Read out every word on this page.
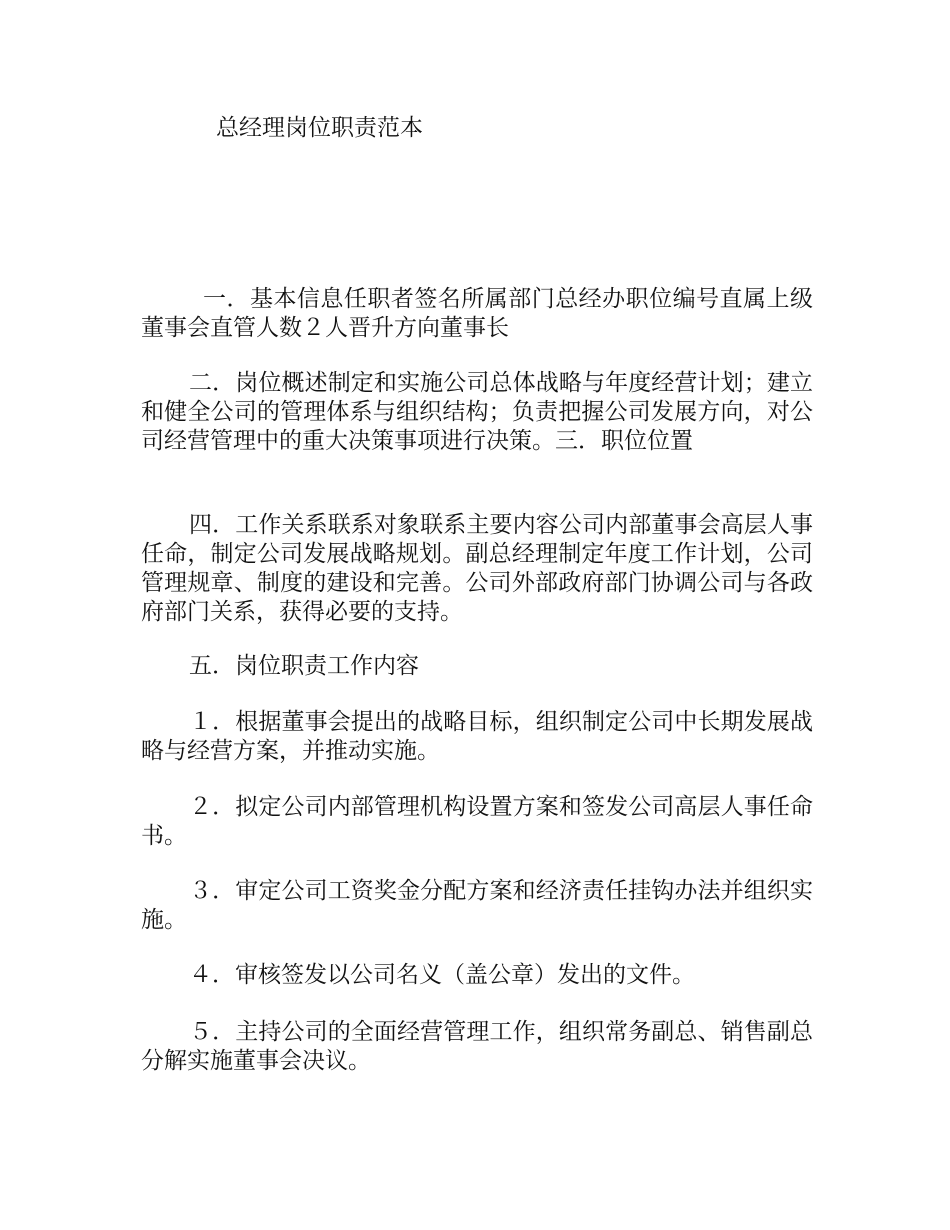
总经理岗位职责范本

一．基本信息任职者签名所属部门总经办职位编号直属上级董事会直管人数２人晋升方向董事长

二．岗位概述制定和实施公司总体战略与年度经营计划；建立和健全公司的管理体系与组织结构；负责把握公司发展方向，对公司经营管理中的重大决策事项进行决策。三．职位位置

四．工作关系联系对象联系主要内容公司内部董事会高层人事任命，制定公司发展战略规划。副总经理制定年度工作计划，公司管理规章、制度的建设和完善。公司外部政府部门协调公司与各政府部门关系，获得必要的支持。

五．岗位职责工作内容

１．根据董事会提出的战略目标，组织制定公司中长期发展战略与经营方案，并推动实施。

２．拟定公司内部管理机构设置方案和签发公司高层人事任命书。

３．审定公司工资奖金分配方案和经济责任挂钩办法并组织实施。

４．审核签发以公司名义（盖公章）发出的文件。

５．主持公司的全面经营管理工作，组织常务副总、销售副总分解实施董事会决议。
